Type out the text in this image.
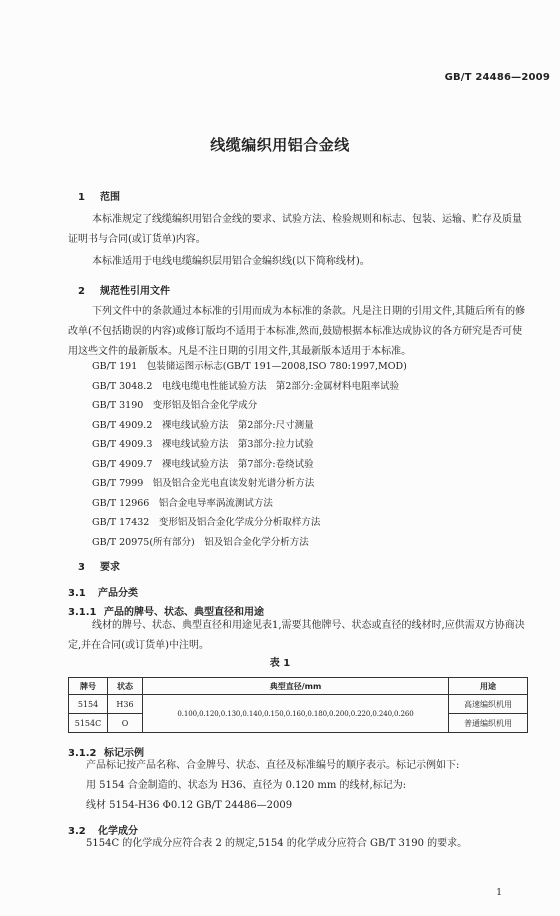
GB/T 24486—2009
线缆编织用铝合金线
1 范围
本标准规定了线缆编织用铝合金线的要求、试验方法、检验规则和标志、包装、运输、贮存及质量证明书与合同(或订货单)内容。
本标准适用于电线电缆编织层用铝合金编织线(以下简称线材)。
2 规范性引用文件
下列文件中的条款通过本标准的引用而成为本标准的条款。凡是注日期的引用文件,其随后所有的修改单(不包括勘误的内容)或修订版均不适用于本标准,然而,鼓励根据本标准达成协议的各方研究是否可使用这些文件的最新版本。凡是不注日期的引用文件,其最新版本适用于本标准。
GB/T 191　包装储运图示标志(GB/T 191—2008,ISO 780:1997,MOD)
GB/T 3048.2　电线电缆电性能试验方法　第2部分:金属材料电阻率试验
GB/T 3190　变形铝及铝合金化学成分
GB/T 4909.2　裸电线试验方法　第2部分:尺寸测量
GB/T 4909.3　裸电线试验方法　第3部分:拉力试验
GB/T 4909.7　裸电线试验方法　第7部分:卷绕试验
GB/T 7999　铝及铝合金光电直读发射光谱分析方法
GB/T 12966　铝合金电导率涡流测试方法
GB/T 17432　变形铝及铝合金化学成分分析取样方法
GB/T 20975(所有部分)　铝及铝合金化学分析方法
3 要求
3.1 产品分类
3.1.1 产品的牌号、状态、典型直径和用途
线材的牌号、状态、典型直径和用途见表1,需要其他牌号、状态或直径的线材时,应供需双方协商决定,并在合同(或订货单)中注明。
表 1
牌号	状态	典型直径/mm	用途
5154	H36	0.100,0.120,0.130,0.140,0.150,0.160,0.180,0.200,0.220,0.240,0.260	高速编织机用
5154C	O		普通编织机用
3.1.2 标记示例
产品标记按产品名称、合金牌号、状态、直径及标准编号的顺序表示。标记示例如下:
用 5154 合金制造的、状态为 H36、直径为 0.120 mm 的线材,标记为:
线材 5154-H36 Φ0.12 GB/T 24486—2009
3.2 化学成分
5154C 的化学成分应符合表 2 的规定,5154 的化学成分应符合 GB/T 3190 的要求。
1
